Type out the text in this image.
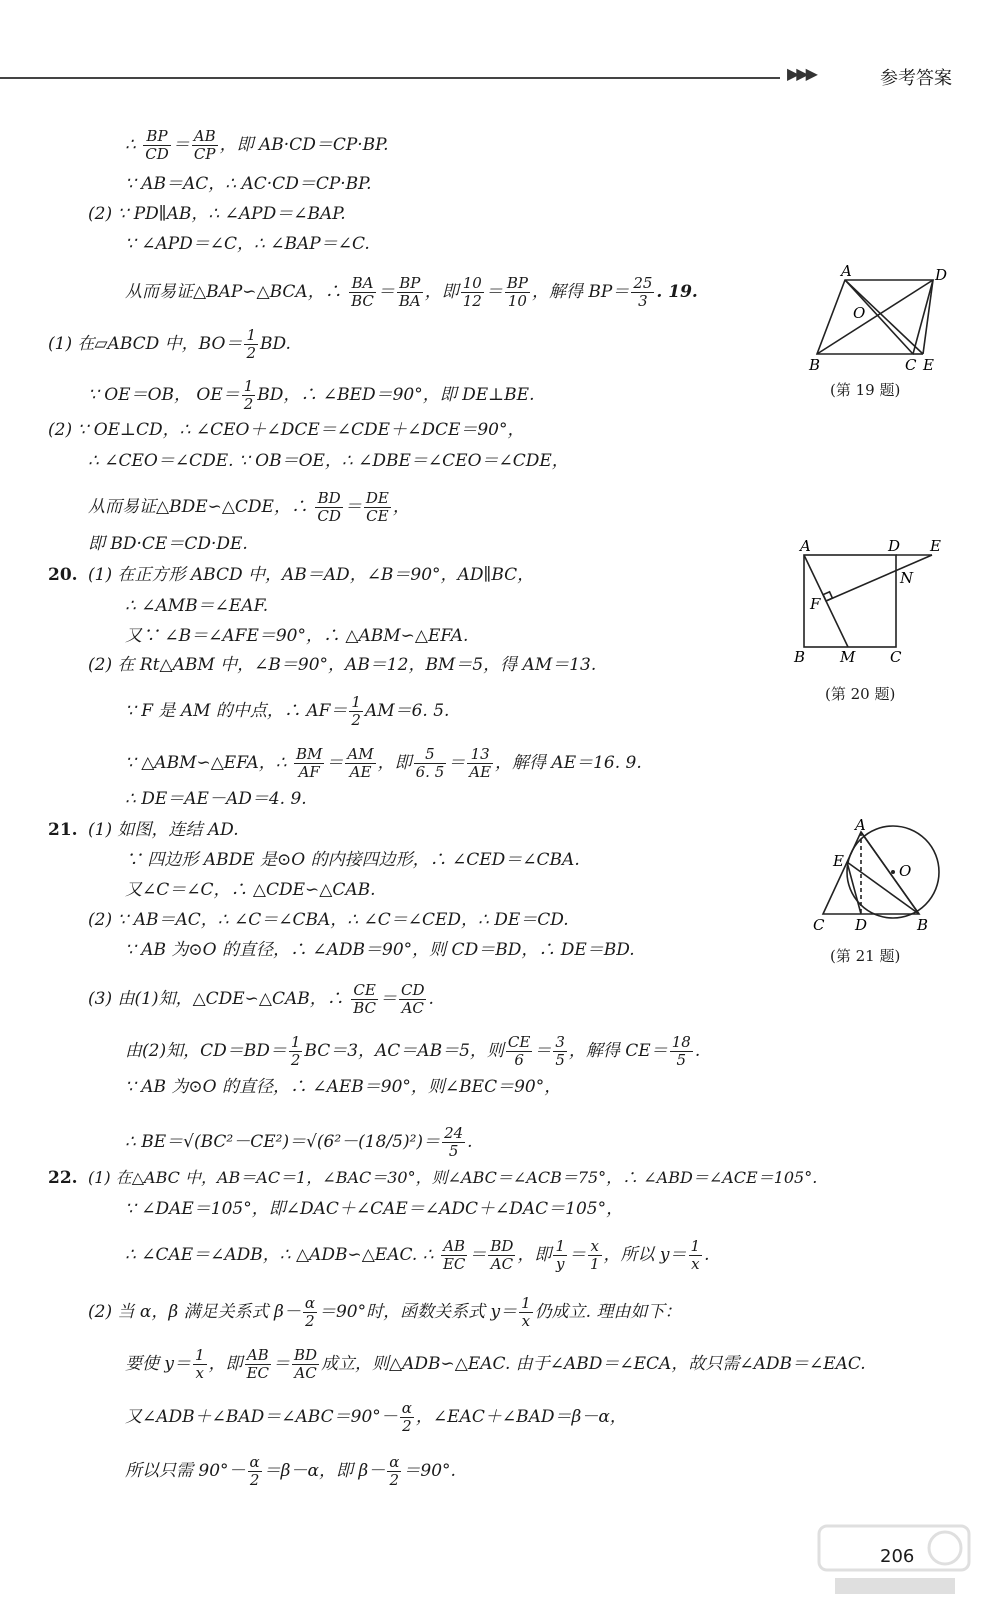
▶▶▶	参考答案
∴ $\frac{BP}{CD} = \frac{AB}{CP}$ ，即 AB·CD＝CP·BP.
∵ AB＝AC，∴ AC·CD＝CP·BP.
(2) ∵ PD∥AB，∴ ∠APD＝∠BAP.
∵ ∠APD＝∠C，∴ ∠BAP＝∠C.
从而易证△BAP∽△BCA，∴ $\frac{BA}{BC} = \frac{BP}{BA}$ ，即 $\frac{10}{12} = \frac{BP}{10}$ ，解得 $BP= \frac{25}{3}$ . 19.
(1) 在▱ABCD 中，$BO= \frac{1}{2}$ BD.
∵ OE＝OB， $OE= \frac{1}{2}$ BD，∴ ∠BED＝90°，即 DE⊥BE.
(2) ∵ OE⊥CD，∴ ∠CEO＋∠DCE＝∠CDE＋∠DCE＝90°，
∴ ∠CEO＝∠CDE. ∵ OB＝OE，∴ ∠DBE＝∠CEO＝∠CDE，
从而易证△BDE∽△CDE，∴ $\frac{BD}{CD} = \frac{DE}{CE}$ ，
即 BD·CE＝CD·DE.
20. (1) 在正方形 ABCD 中，AB＝AD，∠B＝90°，AD∥BC，
∴ ∠AMB＝∠EAF.
又∵ ∠B＝∠AFE＝90°，∴ △ABM∽△EFA.
(2) 在 Rt△ABM 中，∠B＝90°，AB＝12，BM＝5，得 AM＝13.
∵ F 是 AM 的中点，∴ $AF= \frac{1}{2} AM=6$. 5.
∵ △ABM∽△EFA，∴ $\frac{BM}{AF} = \frac{AM}{AE}$ ，即 $\frac{5}{6. 5} = \frac{13}{AE}$ ，解得 AE＝16. 9.
∴ DE＝AE－AD＝4. 9.
21. (1) 如图，连结 AD.
∵ 四边形 ABDE 是⊙O 的内接四边形，∴ ∠CED＝∠CBA.
又∠C＝∠C，∴ △CDE∽△CAB.
(2) ∵ AB＝AC，∴ ∠C＝∠CBA，∴ ∠C＝∠CED，∴ DE＝CD.
∵ AB 为⊙O 的直径，∴ ∠ADB＝90°，则 CD＝BD，∴ DE＝BD.
(3) 由(1)知，△CDE∽△CAB，∴ $\frac{CE}{BC} = \frac{CD}{AC}$ .
由(2)知，$CD=BD= \frac{1}{2} BC=3$，AC＝AB＝5，则 $\frac{CE}{6} = \frac{3}{5}$ ，解得 $CE= \frac{18}{5}$ .
∵ AB 为⊙O 的直径，∴ ∠AEB＝90°，则∠BEC＝90°，
∴ $BE=√(BC^2-CE^2)=√(6^2-(18/5)^2)= \frac{24}{5}$ .
22. (1) 在△ABC 中，AB＝AC＝1，∠BAC＝30°，则∠ABC＝∠ACB＝75°，∴ ∠ABD＝∠ACE＝105°.
∵ ∠DAE＝105°，即∠DAC＋∠CAE＝∠ADC＋∠DAC＝105°，
∴ ∠CAE＝∠ADB，∴ △ADB∽△EAC. ∴ $\frac{AB}{EC} = \frac{BD}{AC}$ ，即 $\frac{1}{y} = \frac{x}{1}$ ，所以 $y= \frac{1}{x}$ .
(2) 当 α，β 满足关系式 $\beta- \frac{\alpha}{2} =90^\circ$时，函数关系式 $y= \frac{1}{x}$ 仍成立. 理由如下：
要使 $y= \frac{1}{x}$ ，即 $\frac{AB}{EC} = \frac{BD}{AC}$ 成立，则△ADB∽△EAC. 由于∠ABD＝∠ECA，故只需∠ADB＝∠EAC.
又∠ADB＋∠BAD＝∠ABC＝90°－ $\frac{\alpha}{2}$ ，∠EAC＋∠BAD＝β－α，
所以只需 $90^\circ- \frac{\alpha}{2} =\beta-\alpha$，即 $\beta- \frac{\alpha}{2} =90^\circ$.
A	D
O
B	C E
(第 19 题)
A	D E
N
F
B M C
(第 20 题)
A
E
O
C D	B
(第 21 题)
206
